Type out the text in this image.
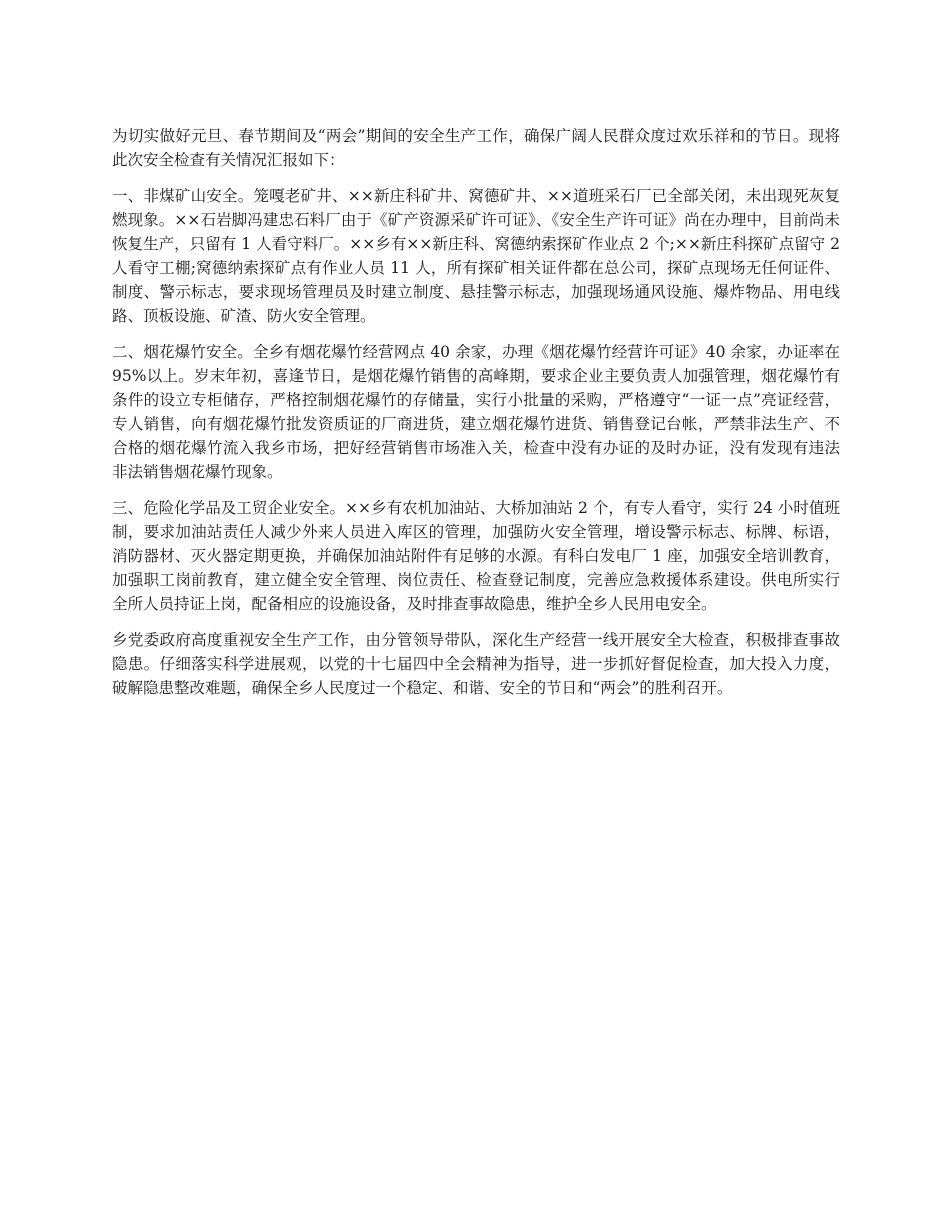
为切实做好元旦、春节期间及“两会”期间的安全生产工作，确保广阔人民群众度过欢乐祥和的节日。现将此次安全检查有关情况汇报如下：

一、非煤矿山安全。笼嘎老矿井、××新庄科矿井、窝德矿井、××道班采石厂已全部关闭，未出现死灰复燃现象。××石岩脚冯建忠石料厂由于《矿产资源采矿许可证》、《安全生产许可证》尚在办理中，目前尚未恢复生产，只留有 1 人看守料厂。××乡有××新庄科、窝德纳索探矿作业点 2 个;××新庄科探矿点留守 2 人看守工棚;窝德纳索探矿点有作业人员 11 人，所有探矿相关证件都在总公司，探矿点现场无任何证件、制度、警示标志，要求现场管理员及时建立制度、悬挂警示标志，加强现场通风设施、爆炸物品、用电线路、顶板设施、矿渣、防火安全管理。

二、烟花爆竹安全。全乡有烟花爆竹经营网点 40 余家，办理《烟花爆竹经营许可证》40 余家，办证率在 95%以上。岁末年初，喜逢节日，是烟花爆竹销售的高峰期，要求企业主要负责人加强管理，烟花爆竹有条件的设立专柜储存，严格控制烟花爆竹的存储量，实行小批量的采购，严格遵守“一证一点”亮证经营，专人销售，向有烟花爆竹批发资质证的厂商进货，建立烟花爆竹进货、销售登记台帐，严禁非法生产、不合格的烟花爆竹流入我乡市场，把好经营销售市场准入关，检查中没有办证的及时办证，没有发现有违法非法销售烟花爆竹现象。

三、危险化学品及工贸企业安全。××乡有农机加油站、大桥加油站 2 个，有专人看守，实行 24 小时值班制，要求加油站责任人减少外来人员进入库区的管理，加强防火安全管理，增设警示标志、标牌、标语，消防器材、灭火器定期更换，并确保加油站附件有足够的水源。有科白发电厂 1 座，加强安全培训教育，加强职工岗前教育，建立健全安全管理、岗位责任、检查登记制度，完善应急救援体系建设。供电所实行全所人员持证上岗，配备相应的设施设备，及时排查事故隐患，维护全乡人民用电安全。

乡党委政府高度重视安全生产工作，由分管领导带队，深化生产经营一线开展安全大检查，积极排查事故隐患。仔细落实科学进展观，以党的十七届四中全会精神为指导，进一步抓好督促检查，加大投入力度，破解隐患整改难题，确保全乡人民度过一个稳定、和谐、安全的节日和“两会”的胜利召开。
